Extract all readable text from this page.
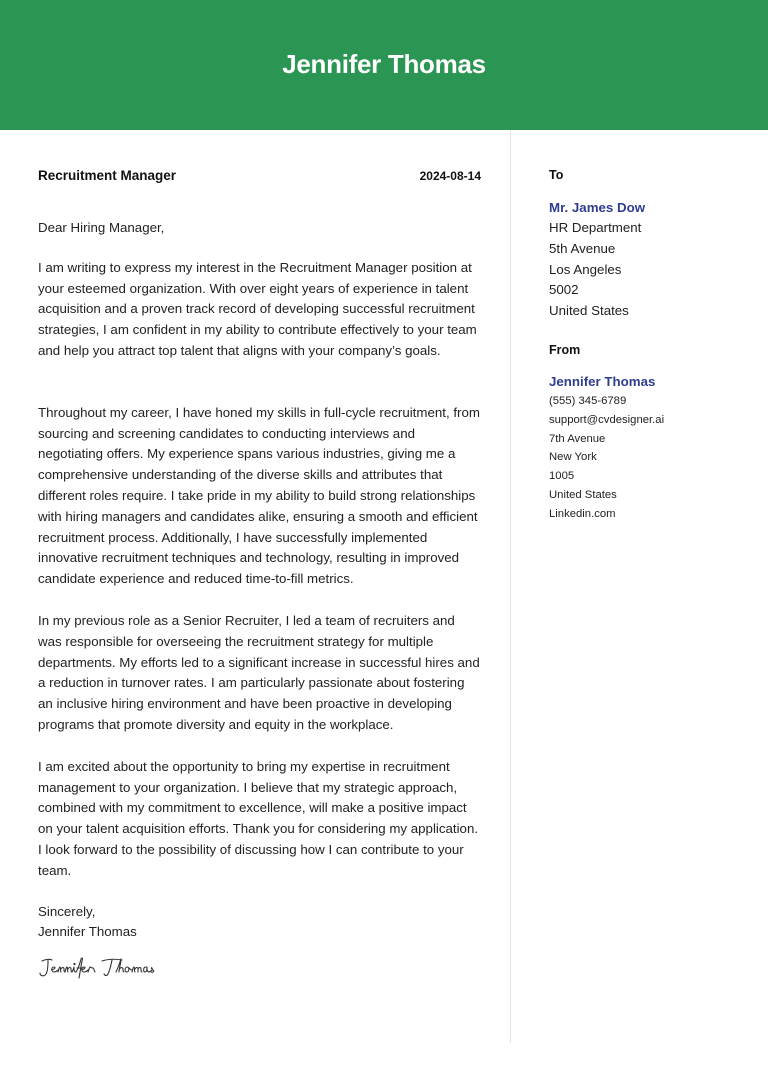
Jennifer Thomas
Recruitment Manager	2024-08-14

Dear Hiring Manager,

I am writing to express my interest in the Recruitment Manager position at your esteemed organization. With over eight years of experience in talent acquisition and a proven track record of developing successful recruitment strategies, I am confident in my ability to contribute effectively to your team and help you attract top talent that aligns with your company’s goals.

Throughout my career, I have honed my skills in full-cycle recruitment, from sourcing and screening candidates to conducting interviews and negotiating offers. My experience spans various industries, giving me a comprehensive understanding of the diverse skills and attributes that different roles require. I take pride in my ability to build strong relationships with hiring managers and candidates alike, ensuring a smooth and efficient recruitment process. Additionally, I have successfully implemented innovative recruitment techniques and technology, resulting in improved candidate experience and reduced time-to-fill metrics.

In my previous role as a Senior Recruiter, I led a team of recruiters and was responsible for overseeing the recruitment strategy for multiple departments. My efforts led to a significant increase in successful hires and a reduction in turnover rates. I am particularly passionate about fostering an inclusive hiring environment and have been proactive in developing programs that promote diversity and equity in the workplace.

I am excited about the opportunity to bring my expertise in recruitment management to your organization. I believe that my strategic approach, combined with my commitment to excellence, will make a positive impact on your talent acquisition efforts. Thank you for considering my application. I look forward to the possibility of discussing how I can contribute to your team.

Sincerely,
Jennifer Thomas
To
Mr. James Dow
HR Department
5th Avenue
Los Angeles
5002
United States
From
Jennifer Thomas
(555) 345-6789
support@cvdesigner.ai
7th Avenue
New York
1005
United States
Linkedin.com
